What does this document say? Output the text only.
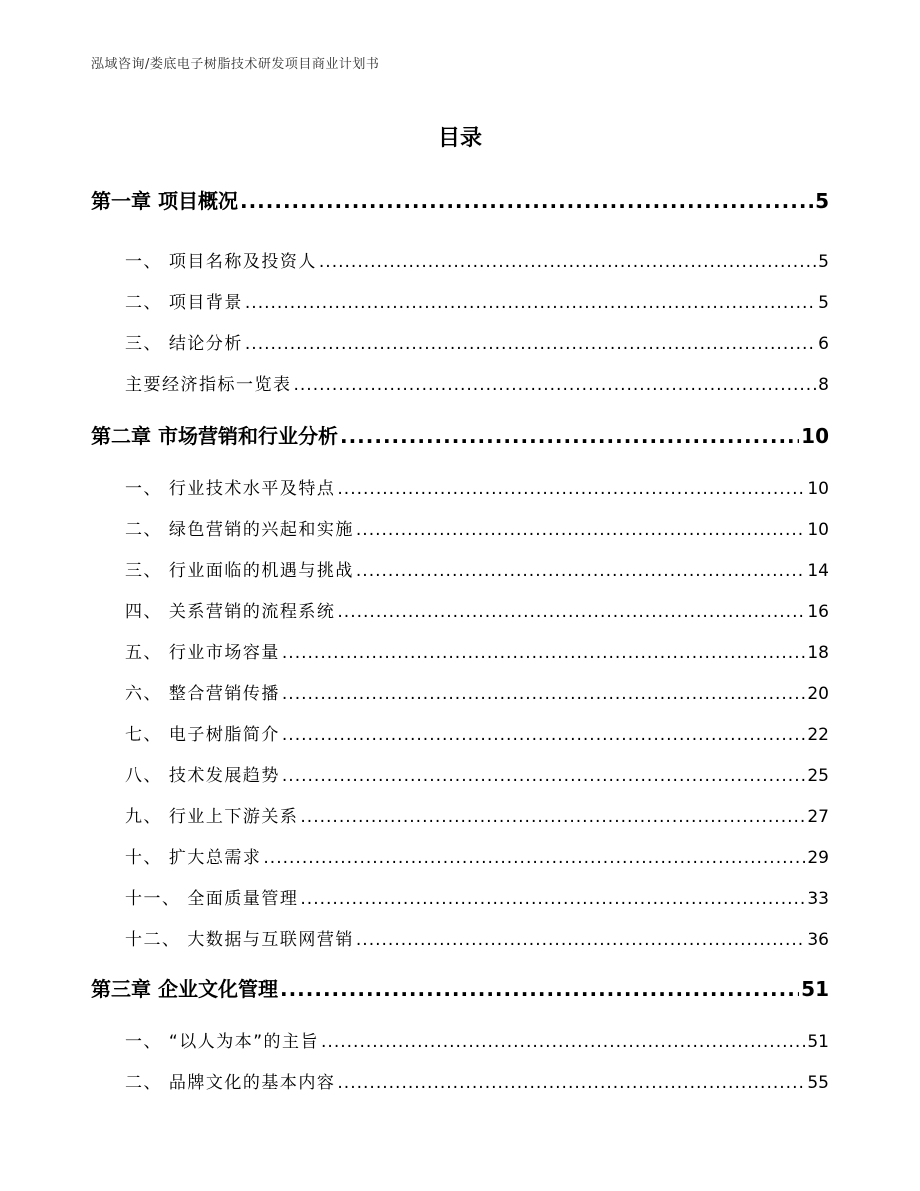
泓域咨询/娄底电子树脂技术研发项目商业计划书
目录
第一章 项目概况 .....	5
一、 项目名称及投资人 .....	5
二、 项目背景 .....	5
三、 结论分析 .....	6
主要经济指标一览表 .....	8
第二章 市场营销和行业分析 .....	10
一、 行业技术水平及特点 .....	10
二、 绿色营销的兴起和实施 .....	10
三、 行业面临的机遇与挑战 .....	14
四、 关系营销的流程系统 .....	16
五、 行业市场容量 .....	18
六、 整合营销传播 .....	20
七、 电子树脂简介 .....	22
八、 技术发展趋势 .....	25
九、 行业上下游关系 .....	27
十、 扩大总需求 .....	29
十一、 全面质量管理 .....	33
十二、 大数据与互联网营销 .....	36
第三章 企业文化管理 .....	51
一、 “以人为本”的主旨 .....	51
二、 品牌文化的基本内容 .....	55
